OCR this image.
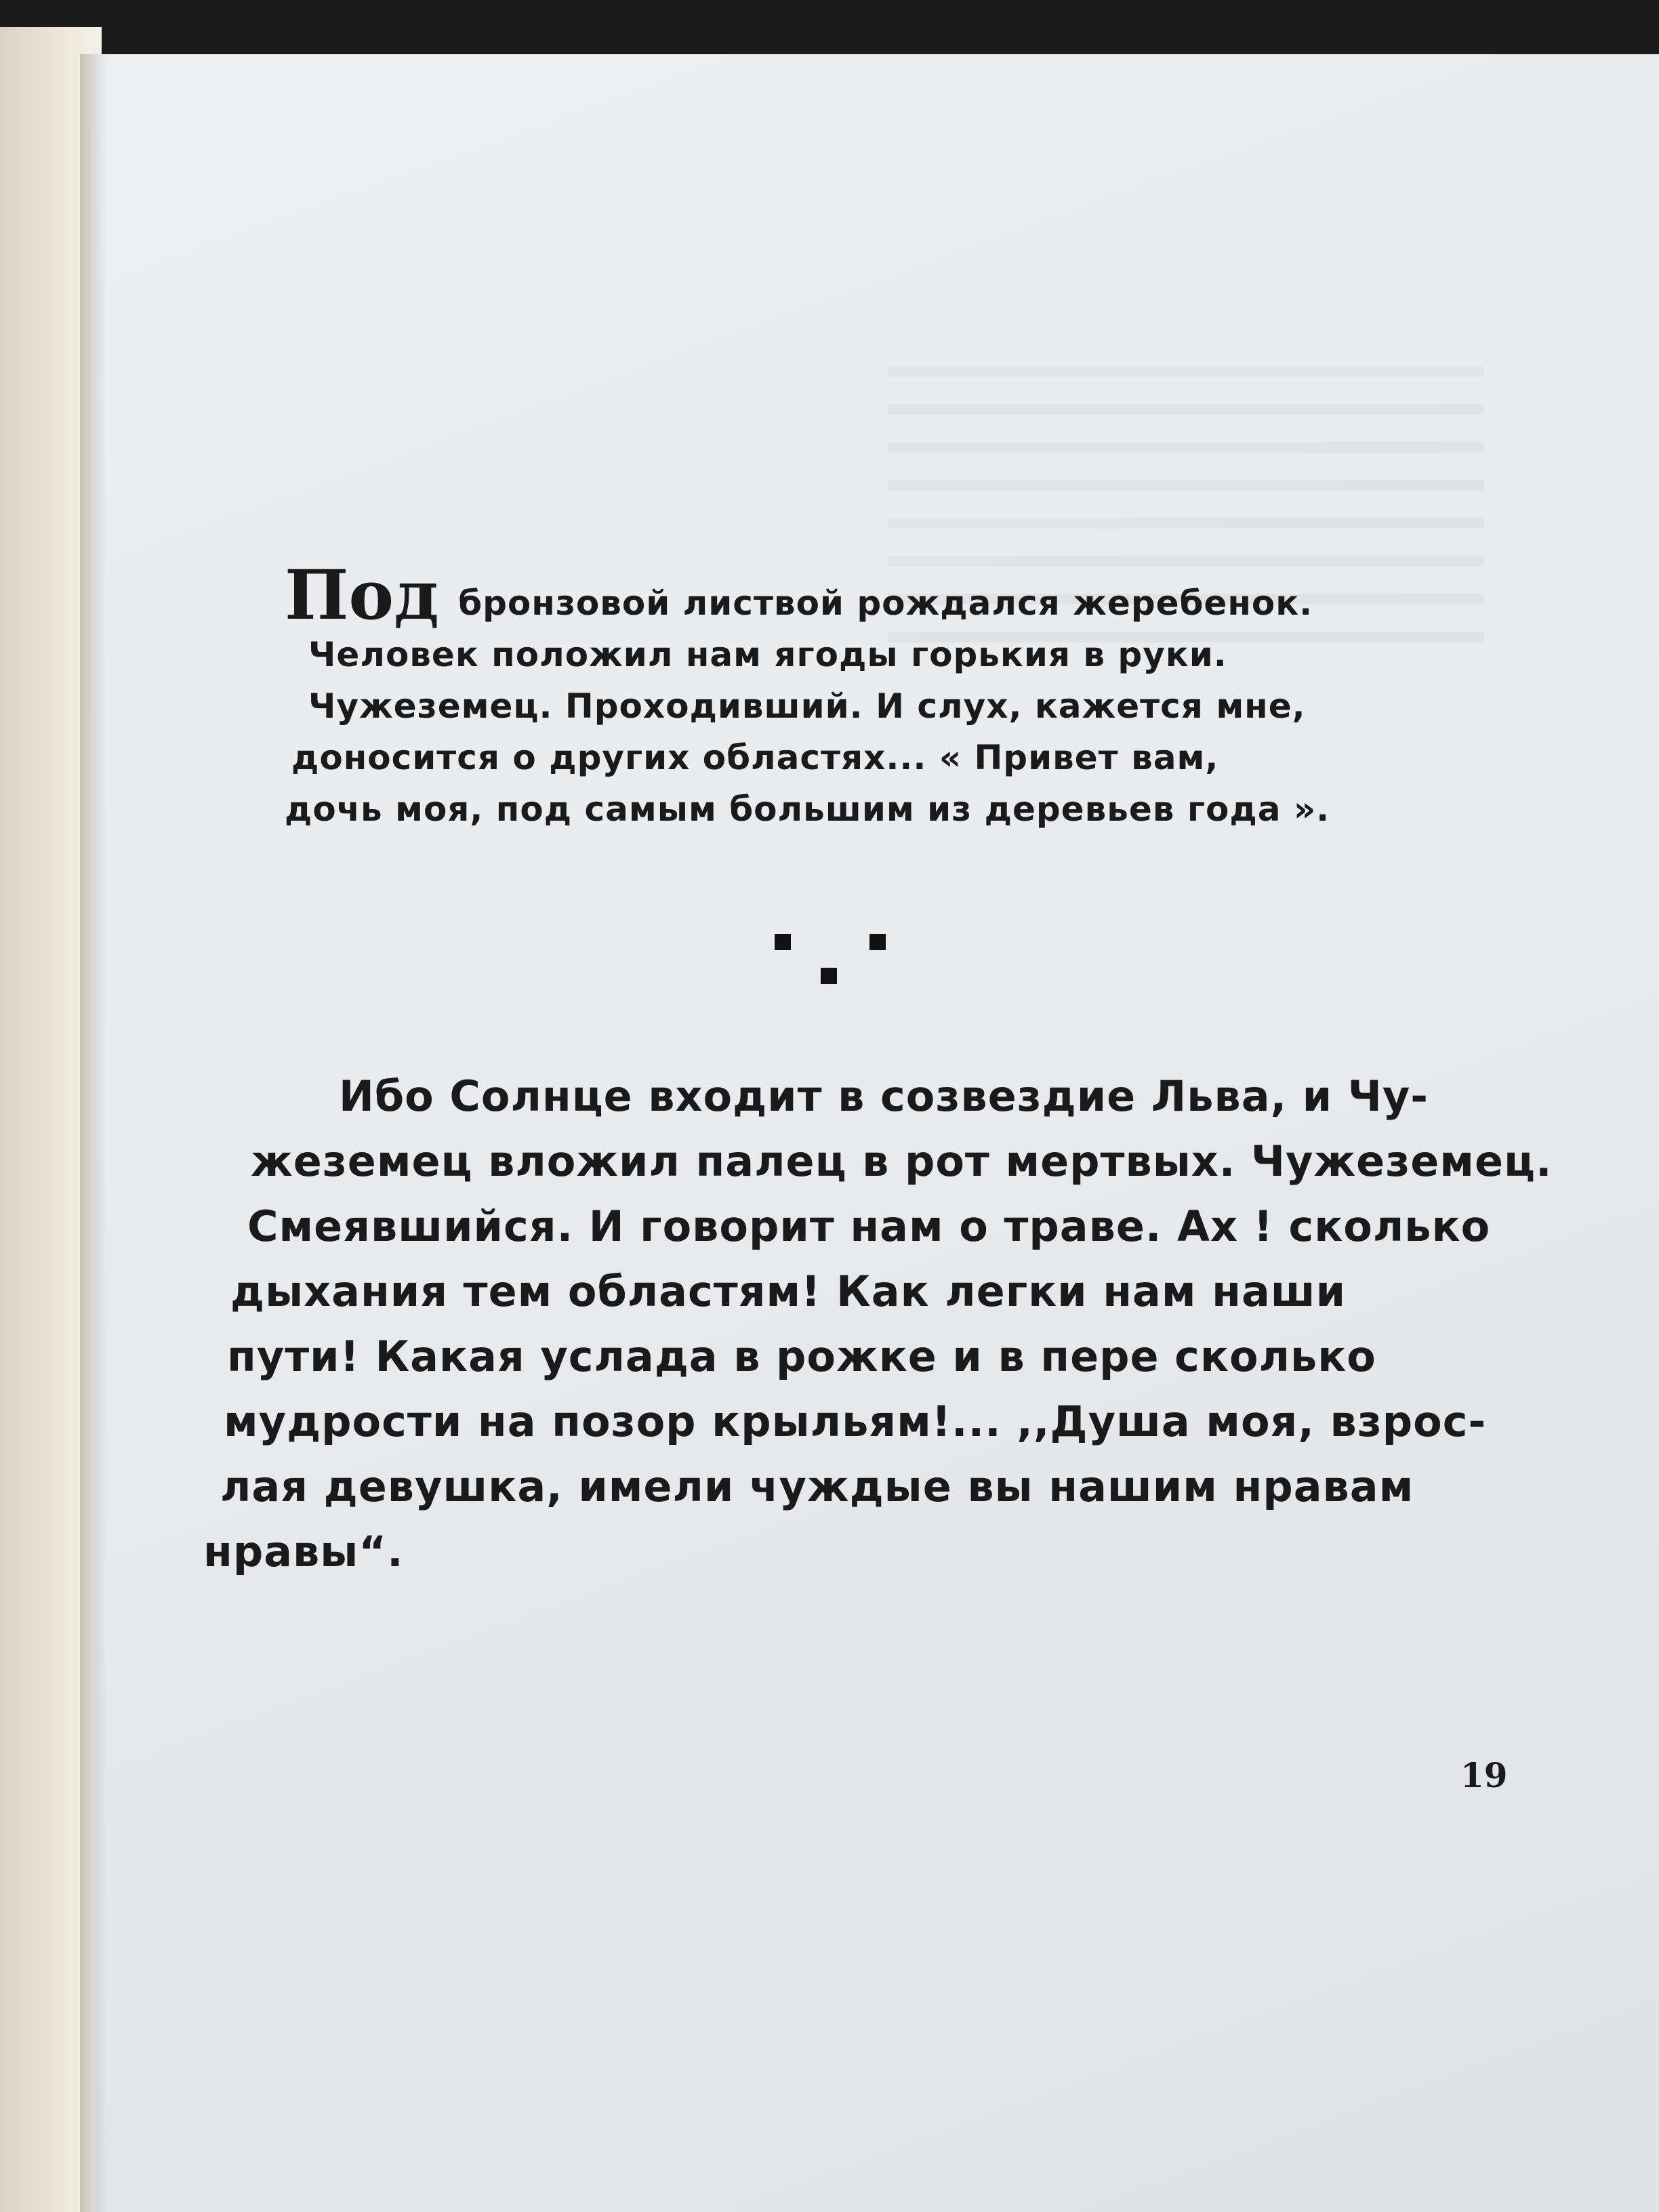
Под бронзовой листвой рождался жеребенок.
Человек положил нам ягоды горькия в руки.
Чужеземец. Проходивший. И слух, кажется мне,
доносится о других областях... « Привет вам,
дочь моя, под самым большим из деревьев года ».

Ибо Солнце входит в созвездие Льва, и Чу-
жеземец вложил палец в рот мертвых. Чужеземец.
Смеявшийся. И говорит нам о траве. Ах ! сколько
дыхания тем областям! Как легки нам наши
пути! Какая услада в рожке и в пере сколько
мудрости на позор крыльям!... ,,Душа моя, взрос-
лая девушка, имели чуждые вы нашим нравам
нравы“.

19
